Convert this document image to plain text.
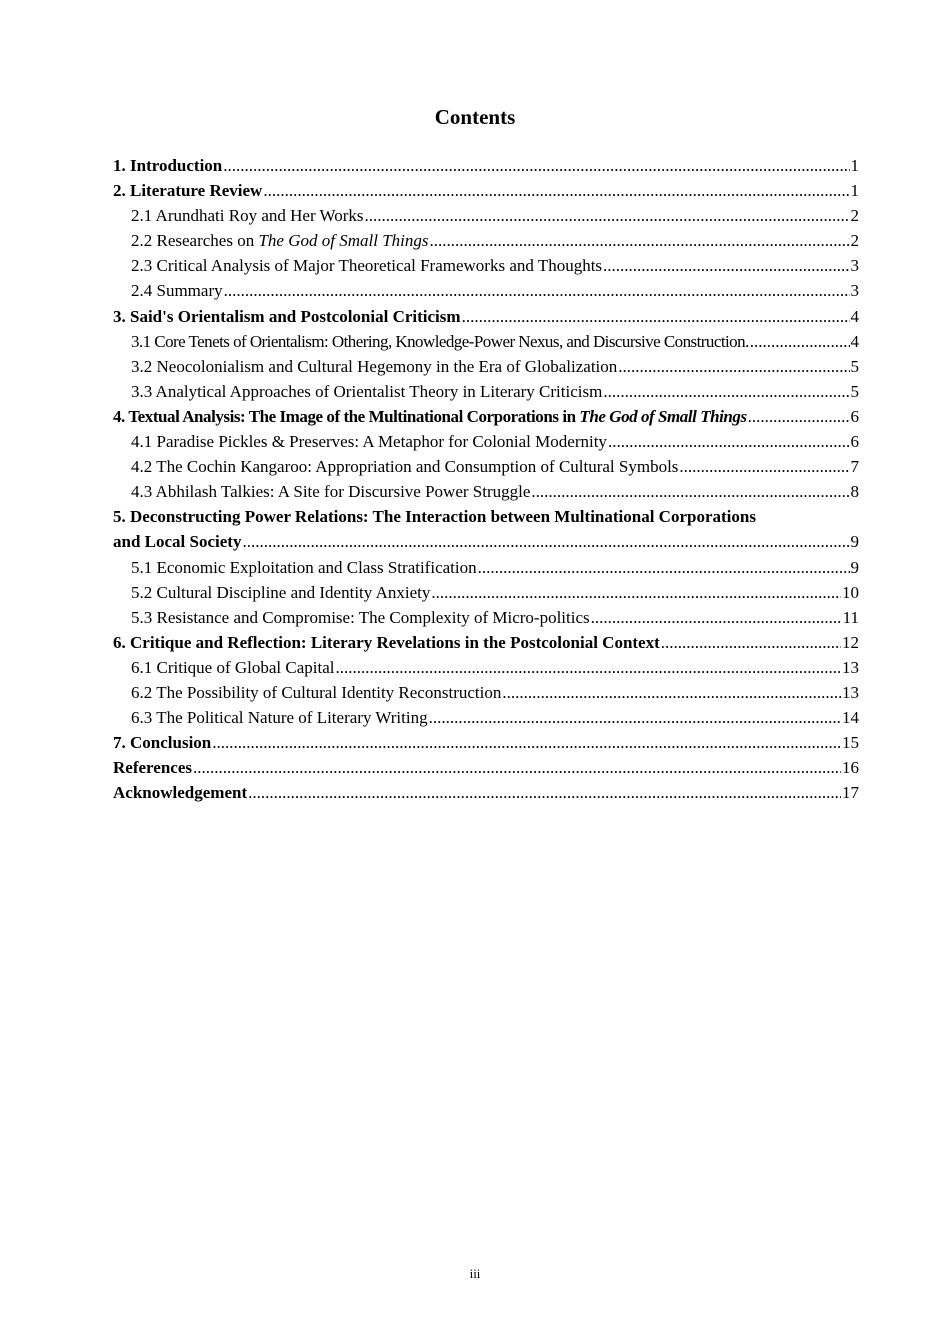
Contents
1. Introduction .....	1
2. Literature Review .....	1
2.1 Arundhati Roy and Her Works .....	2
2.2 Researches on The God of Small Things .....	2
2.3 Critical Analysis of Major Theoretical Frameworks and Thoughts .....	3
2.4 Summary .....	3
3. Said's Orientalism and Postcolonial Criticism .....	4
3.1 Core Tenets of Orientalism: Othering, Knowledge-Power Nexus, and Discursive Construction. .....	4
3.2 Neocolonialism and Cultural Hegemony in the Era of Globalization .....	5
3.3 Analytical Approaches of Orientalist Theory in Literary Criticism .....	5
4. Textual Analysis: The Image of the Multinational Corporations in The God of Small Things .....	6
4.1 Paradise Pickles & Preserves: A Metaphor for Colonial Modernity .....	6
4.2 The Cochin Kangaroo: Appropriation and Consumption of Cultural Symbols .....	7
4.3 Abhilash Talkies: A Site for Discursive Power Struggle .....	8
5. Deconstructing Power Relations: The Interaction between Multinational Corporations
and Local Society .....	9
5.1 Economic Exploitation and Class Stratification .....	9
5.2 Cultural Discipline and Identity Anxiety .....	10
5.3 Resistance and Compromise: The Complexity of Micro-politics .....	11
6. Critique and Reflection: Literary Revelations in the Postcolonial Context .....	12
6.1 Critique of Global Capital .....	13
6.2 The Possibility of Cultural Identity Reconstruction .....	13
6.3 The Political Nature of Literary Writing .....	14
7. Conclusion .....	15
References .....	16
Acknowledgement .....	17
iii
